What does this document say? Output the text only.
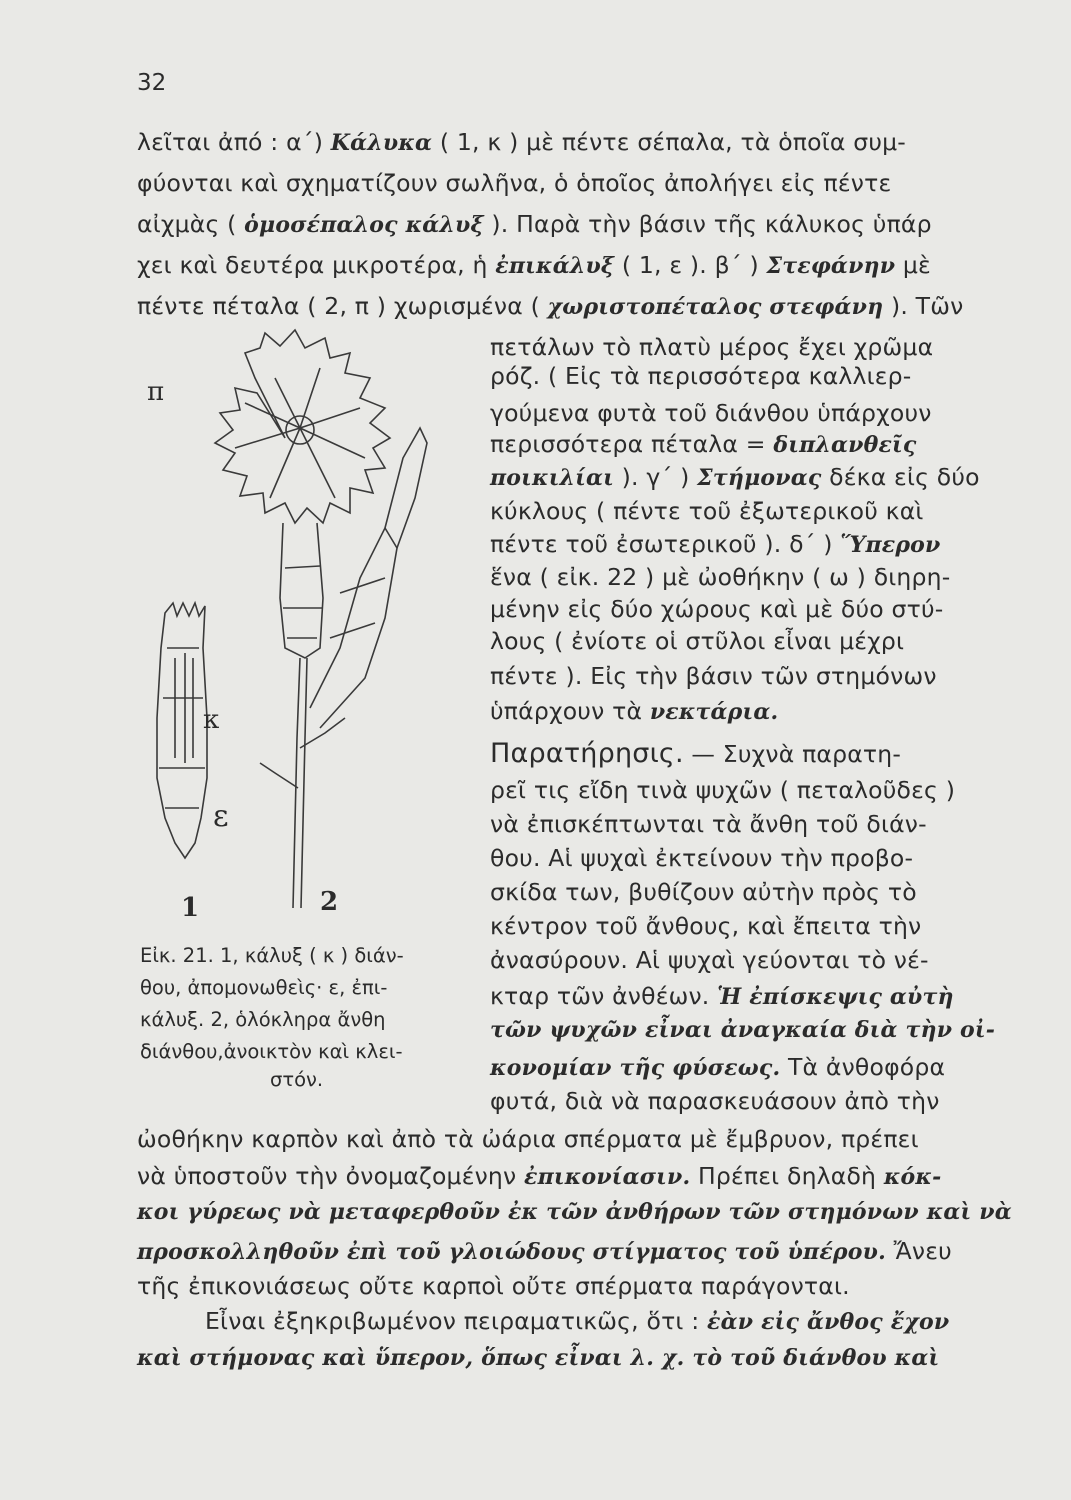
32
λεῖται ἀπό : α΄) Κάλυκα ( 1, κ ) μὲ πέντε σέπαλα, τὰ ὁποῖα συμ-
φύονται καὶ σχηματίζουν σωλῆνα, ὁ ὁποῖος ἀπολήγει εἰς πέντε
αἰχμὰς ( ὁμοσέπαλος κάλυξ ). Παρὰ τὴν βάσιν τῆς κάλυκος ὑπάρ
χει καὶ δευτέρα μικροτέρα, ἡ ἐπικάλυξ ( 1, ε ). β΄ ) Στεφάνην μὲ
πέντε πέταλα ( 2, π ) χωρισμένα ( χωριστοπέταλος στεφάνη ). Τῶν
πετάλων τὸ πλατὺ μέρος ἔχει χρῶμα
ρόζ. ( Εἰς τὰ περισσότερα καλλιερ-
γούμενα φυτὰ τοῦ διάνθου ὑπάρχουν
περισσότερα πέταλα = διπλανθεῖς
ποικιλίαι ). γ΄ ) Στήμονας δέκα εἰς δύο
κύκλους ( πέντε τοῦ ἐξωτερικοῦ καὶ
πέντε τοῦ ἐσωτερικοῦ ). δ΄ ) Ὕπερον
ἕνα ( εἰκ. 22 ) μὲ ὠοθήκην ( ω ) διηρη-
μένην εἰς δύο χώρους καὶ μὲ δύο στύ-
λους ( ἐνίοτε οἱ στῦλοι εἶναι μέχρι
πέντε ). Εἰς τὴν βάσιν τῶν στημόνων
ὑπάρχουν τὰ νεκτάρια.
Παρατήρησις. — Συχνὰ παρατη-
ρεῖ τις εἴδη τινὰ ψυχῶν ( πεταλοῦδες )
νὰ ἐπισκέπτωνται τὰ ἄνθη τοῦ διάν-
θου. Αἱ ψυχαὶ ἐκτείνουν τὴν προβο-
σκίδα των, βυθίζουν αὐτὴν πρὸς τὸ
κέντρον τοῦ ἄνθους, καὶ ἔπειτα τὴν
ἀνασύρουν. Αἱ ψυχαὶ γεύονται τὸ νέ-
κταρ τῶν ἀνθέων. Ἡ ἐπίσκεψις αὐτὴ
τῶν ψυχῶν εἶναι ἀναγκαία διὰ τὴν οἰ-
κονομίαν τῆς φύσεως. Τὰ ἀνθοφόρα
φυτά, διὰ νὰ παρασκευάσουν ἀπὸ τὴν
ὠοθήκην καρπὸν καὶ ἀπὸ τὰ ὠάρια σπέρματα μὲ ἔμβρυον, πρέπει
νὰ ὑποστοῦν τὴν ὀνομαζομένην ἐπικονίασιν. Πρέπει δηλαδὴ κόκ-
κοι γύρεως νὰ μεταφερθοῦν ἐκ τῶν ἀνθήρων τῶν στημόνων καὶ νὰ
προσκολληθοῦν ἐπὶ τοῦ γλοιώδους στίγματος τοῦ ὑπέρου. Ἄνευ
τῆς ἐπικονιάσεως οὔτε καρποὶ οὔτε σπέρματα παράγονται.
Εἶναι ἐξηκριβωμένον πειραματικῶς, ὅτι : ἐὰν εἰς ἄνθος ἔχον
καὶ στήμονας καὶ ὕπερον, ὅπως εἶναι λ. χ. τὸ τοῦ διάνθου καὶ
π
κ
ε
1	2
Εἰκ. 21. 1, κάλυξ ( κ ) διάν-
θου, ἀπομονωθεὶς· ε, ἐπι-
κάλυξ. 2, ὁλόκληρα ἄνθη
διάνθου,ἀνοικτὸν καὶ κλει-
στόν.
